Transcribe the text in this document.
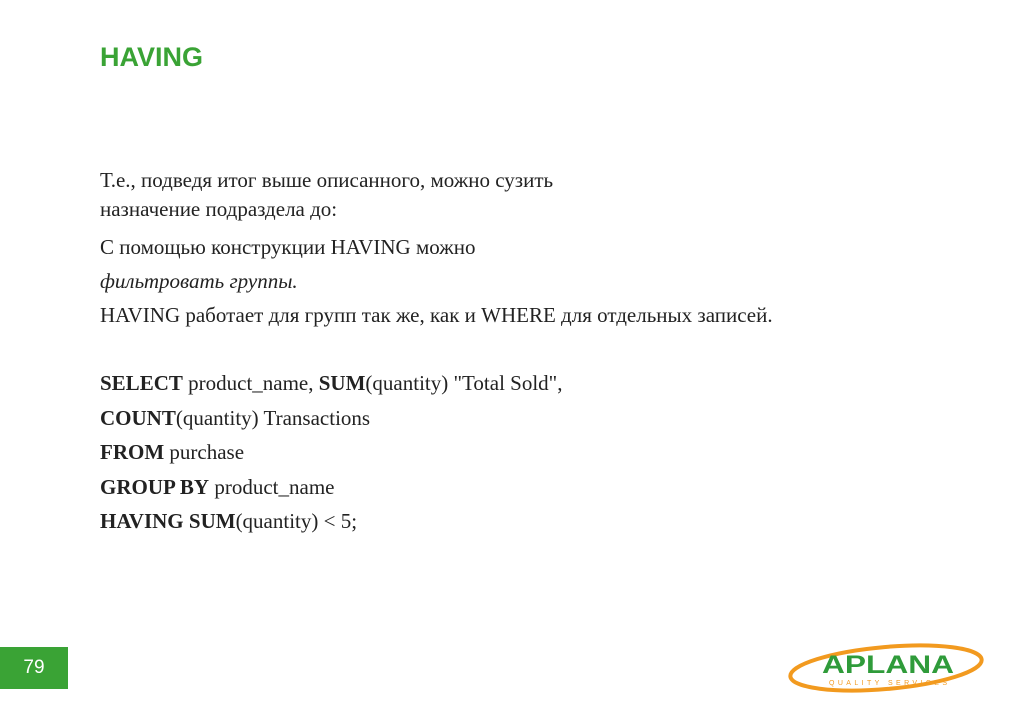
HAVING
Т.е., подведя итог выше описанного, можно сузить
назначение подраздела до:
С помощью конструкции HAVING можно
фильтровать группы.
HAVING работает для групп так же, как и WHERE для отдельных записей.
SELECT product_name, SUM(quantity) "Total Sold",
COUNT(quantity) Transactions
FROM purchase
GROUP BY product_name
HAVING SUM(quantity) < 5;
79	APLANA
QUALITY SERVICES
